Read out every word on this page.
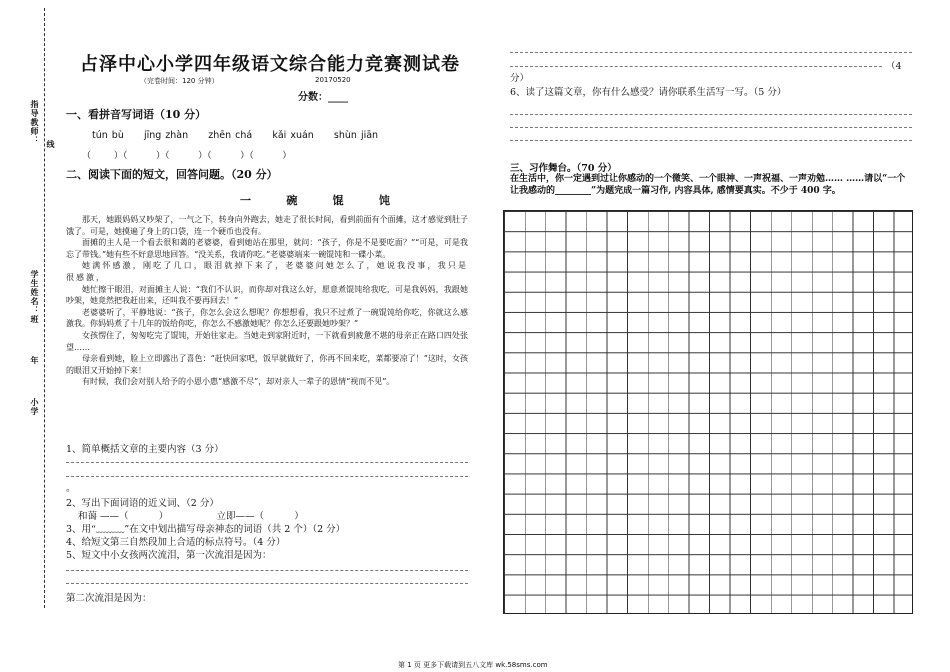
指导教师：
学生姓名：
班
年
小学
线
占泽中心小学四年级语文综合能力竞赛测试卷
（完卷时间：120 分钟）	20170520
分数：____
一、看拼音写词语（10 分）
tún bù jīng zhàn zhēn chá kǎi xuán shùn jiān
（        ）（          ）（          ）（          ）（          ）
二、阅读下面的短文，回答问题。（20 分）
一	碗	馄	饨

那天，她跟妈妈又吵架了，一气之下，转身向外跑去，她走了很长时间，看到前面有个面摊，这才感觉到肚子饿了。可是，她摸遍了身上的口袋，连一个硬币也没有。

面摊的主人是一个看去很和蔼的老婆婆，看到她站在那里，就问：“孩子，你是不是要吃面？”“可是，可是我忘了带钱。”她有些不好意思地回答。“没关系，我请你吃。”老婆婆端来一碗馄饨和一碟小菜。

她满怀感激，刚吃了几口，眼泪就掉下来了，老婆婆问她怎么了，她说我没事，我只是很感激，

她忙擦干眼泪，对面摊主人说：“我们不认识，而你却对我这么好，愿意煮馄饨给我吃，可是我妈妈，我跟她吵架，她竟然把我赶出来，还叫我不要再回去！”

老婆婆听了，平静地说：“孩子，你怎么会这么想呢？你想想看，我只不过煮了一碗馄饨给你吃，你就这么感激我。你妈妈煮了十几年的饭给你吃，你怎么不感激她呢？你怎么还要跟她吵架？”

女孩愣住了，匆匆吃完了馄饨，开始往家走。当她走到家附近时，一下就看到疲惫不堪的母亲正在路口四处张望……

母亲看到她，脸上立即露出了喜色：“赶快回家吧，饭早就做好了，你再不回来吃，菜都要凉了！”这时，女孩的眼泪又开始掉下来！

有时候，我们会对别人给予的小恩小惠“感激不尽”，却对亲人一辈子的恩情“视而不见”。

1、简单概括文章的主要内容（3 分）
。
2、写出下面词语的近义词、（2 分）
和蔼 ——（          ）                立即——（          ）
3、用“﹏﹏﹏”在文中划出描写母亲神态的词语（共 2 个）（2 分）
4、给短文第三自然段加上合适的标点符号。（4 分）
5、短文中小女孩两次流泪，第一次流泪是因为：
第二次流泪是因为：
（4
分）
6、读了这篇文章，你有什么感受？请你联系生活写一写。（5 分）
三、习作舞台。（70 分）
在生活中，你一定遇到过让你感动的一个微笑、一个眼神、一声祝福、一声劝勉…… ……请以“一个让我感动的________”为题完成一篇习作, 内容具体, 感情要真实。不少于 400 字。
第 1 页 更多下载请到五八文库 wk.58sms.com
